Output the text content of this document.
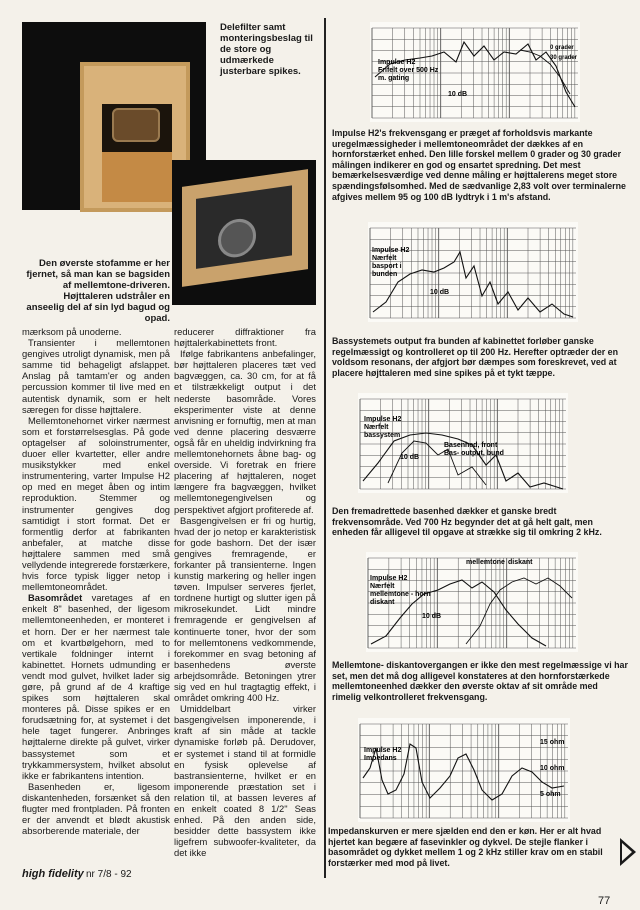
Delefilter samt monteringsbeslag til de store og udmærkede justerbare spikes.
Den øverste stofamme er her fjernet, så man kan se bagsiden af mellemtone-driveren. Højttaleren udstråler en anseelig del af sin lyd bagud og opad.

mærksom på unoderne.

Transienter i mellemtonen gengives utroligt dynamisk, men på samme tid behageligt afslappet. Anslag på tamtam'er og anden percussion kommer til live med en autentisk dynamik, som er helt særegen for disse højttalere.

Mellemtonehornet virker nærmest som et forstørrelsesglas. På gode optagelser af soloinstrumenter, duoer eller kvartetter, eller andre musikstykker med enkel instrumentering, varter Impulse H2 op med en meget åben og intim reproduktion. Stemmer og instrumenter gengives dog samtidigt i stort format. Det er formentlig derfor at fabrikanten anbefaler, at matche disse højttalere sammen med små vellydende integrerede forstærkere, hvis force typisk ligger netop i mellemtoneområdet.

Basområdet varetages af en enkelt 8" basenhed, der ligesom mellemtoneenheden, er monteret i et horn. Der er her nærmest tale om et kvartbølgehorn, med to vertikale foldninger internt i kabinettet. Hornets udmunding er vendt mod gulvet, hvilket lader sig gøre, på grund af de 4 kraftige spikes som højttaleren skal monteres på. Disse spikes er en forudsætning for, at systemet i det hele taget fungerer. Anbringes højttalerne direkte på gulvet, virker bassystemet som et trykkammersystem, hvilket absolut ikke er fabrikantens intention.

Basenheden er, ligesom diskantenheden, forsænket så den flugter med frontpladen. På fronten er der anvendt et blødt akustisk absorberende materiale, der

reducerer diffraktioner fra højttalerkabinettets front.

Ifølge fabrikantens anbefalinger, bør højttaleren placeres tæt ved bagvæggen, ca. 30 cm, for at få et tilstrækkeligt output i det nederste basområde. Vores eksperimenter viste at denne anvisning er fornuftig, men at man ved denne placering desværre også får en uheldig indvirkning fra mellemtonehornets åbne bag- og overside. Vi foretrak en friere placering af højttaleren, noget længere fra bagvæggen, hvilket mellemtonegengivelsen og perspektivet afgjort profiterede af.

Basgengivelsen er fri og hurtig, hvad der jo netop er karakteristisk for gode bashorn. Det der især gengives fremragende, er forkanter på transienterne. Ingen kunstig markering og heller ingen tøven. Impulser serveres fjerlet, tordnene hurtigt og slutter igen på mikrosekundet. Lidt mindre fremragende er gengivelsen af kontinuerte toner, hvor der som for mellemtonens vedkommende, forekommer en svag betoning af basenhedens øverste arbejdsområde. Betoningen ytrer sig ved en hul tragtagtig effekt, i området omkring 400 Hz.

Umiddelbart virker basgengivelsen imponerende, i kraft af sin måde at tackle dynamiske forløb på. Derudover, er systemet i stand til at formidle en fysisk oplevelse af bastransienterne, hvilket er en imponerende præstation set i relation til, at bassen leveres af en enkelt coated 8 1/2" Seas enhed. På den anden side, besidder dette bassystem ikke ligefrem subwoofer-kvaliteter, da det ikke

Impulse H2
Frifelt over 500 Hz
m. gating
10 dB
0 grader
30 grader
Impulse H2's frekvensgang er præget af forholdsvis markante uregelmæssigheder i mellemtoneområdet der dækkes af en hornforstærket enhed. Den lille forskel mellem 0 grader og 30 grader målingen indikerer en god og ensartet spredning. Det mest bemærkelsesværdige ved denne måling er højttalerens meget store spændingsfølsomhed. Med de sædvanlige 2,83 volt over terminalerne afgives mellem 95 og 100 dB lydtryk i 1 m's afstand.
Impulse H2
Nærfelt
basport i
bunden
10 dB
Bassystemets output fra bunden af kabinettet forløber ganske regelmæssigt og kontrolleret op til 200 Hz. Herefter optræder der en voldsom resonans, der afgjort bør dæmpes som foreskrevet, ved at placere højttaleren med sine spikes på et tykt tæppe.
Impulse H2
Nærfelt
bassystem
10 dB
Basenhed, front
Bas- output, bund
Den fremadrettede basenhed dækker et ganske bredt frekvensområde. Ved 700 Hz begynder det at gå helt galt, men enheden får alligevel til opgave at strække sig til omkring 2 kHz.
Impulse H2
Nærfelt
mellemtone - horn
diskant
10 dB
mellemtone diskant
Mellemtone- diskantovergangen er ikke den mest regelmæssige vi har set, men det må dog alligevel konstateres at den hornforstærkede mellemtoneenhed dækker den øverste oktav af sit område med rimelig velkontrolleret frekvensgang.
Impulse H2
Impedans
15 ohm
10 ohm
5 ohm
Impedanskurven er mere sjælden end den er køn. Her er alt hvad hjertet kan begære af fasevinkler og dykvel. De stejle flanker i basområdet og dykket mellem 1 og 2 kHz stiller krav om en stabil forstærker med mod på livet.
high fidelity nr 7/8 - 92
77
